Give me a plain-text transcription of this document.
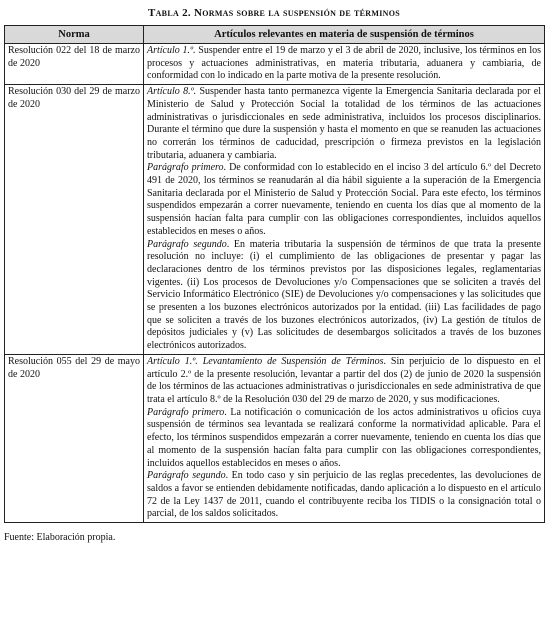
Tabla 2. Normas sobre la suspensión de términos
Norma	Artículos relevantes en materia de suspensión de términos
Resolución 022 del 18 de marzo de 2020	Artículo 1.º. Suspender entre el 19 de marzo y el 3 de abril de 2020, inclusive, los términos en los procesos y actuaciones administrativas, en materia tributaria, aduanera y cambiaria, de conformidad con lo indicado en la parte motiva de la presente resolución.

Resolución 030 del 29 de marzo de 2020	Artículo 8.º. Suspender hasta tanto permanezca vigente la Emergencia Sanitaria declarada por el Ministerio de Salud y Protección Social la totalidad de los términos de las actuaciones administrativas o jurisdiccionales en sede administrativa, incluidos los procesos disciplinarios. Durante el término que dure la suspensión y hasta el momento en que se reanuden las actuaciones no correrán los términos de caducidad, prescripción o firmeza previstos en la legislación tributaria, aduanera y cambiaria.

Parágrafo primero. De conformidad con lo establecido en el inciso 3 del artículo 6.º del Decreto 491 de 2020, los términos se reanudarán al día hábil siguiente a la superación de la Emergencia Sanitaria declarada por el Ministerio de Salud y Protección Social. Para este efecto, los términos suspendidos empezarán a correr nuevamente, teniendo en cuenta los días que al momento de la suspensión hacían falta para cumplir con las obligaciones correspondientes, incluidos aquellos establecidos en meses o años.

Parágrafo segundo. En materia tributaria la suspensión de términos de que trata la presente resolución no incluye: (i) el cumplimiento de las obligaciones de presentar y pagar las declaraciones dentro de los términos previstos por las disposiciones legales, reglamentarias vigentes. (ii) Los procesos de Devoluciones y/o Compensaciones que se soliciten a través del Servicio Informático Electrónico (SIE) de Devoluciones y/o compensaciones y las solicitudes que se presenten a los buzones electrónicos autorizados por la entidad. (iii) Las facilidades de pago que se soliciten a través de los buzones electrónicos autorizados, (iv) La gestión de títulos de depósitos judiciales y (v) Las solicitudes de desembargos solicitados a través de los buzones electrónicos autorizados.

Resolución 055 del 29 de mayo de 2020	Artículo 1.º. Levantamiento de Suspensión de Términos. Sin perjuicio de lo dispuesto en el artículo 2.º de la presente resolución, levantar a partir del dos (2) de junio de 2020 la suspensión de los términos de las actuaciones administrativas o jurisdiccionales en sede administrativa de que trata el artículo 8.º de la Resolución 030 del 29 de marzo de 2020, y sus modificaciones.

Parágrafo primero. La notificación o comunicación de los actos administrativos u oficios cuya suspensión de términos sea levantada se realizará conforme la normatividad aplicable. Para el efecto, los términos suspendidos empezarán a correr nuevamente, teniendo en cuenta los días que al momento de la suspensión hacían falta para cumplir con las obligaciones correspondientes, incluidos aquellos establecidos en meses o años.

Parágrafo segundo. En todo caso y sin perjuicio de las reglas precedentes, las devoluciones de saldos a favor se entienden debidamente notificadas, dando aplicación a lo dispuesto en el artículo 72 de la Ley 1437 de 2011, cuando el contribuyente reciba los TIDIS o la consignación total o parcial, de los saldos solicitados.

Fuente: Elaboración propia.
